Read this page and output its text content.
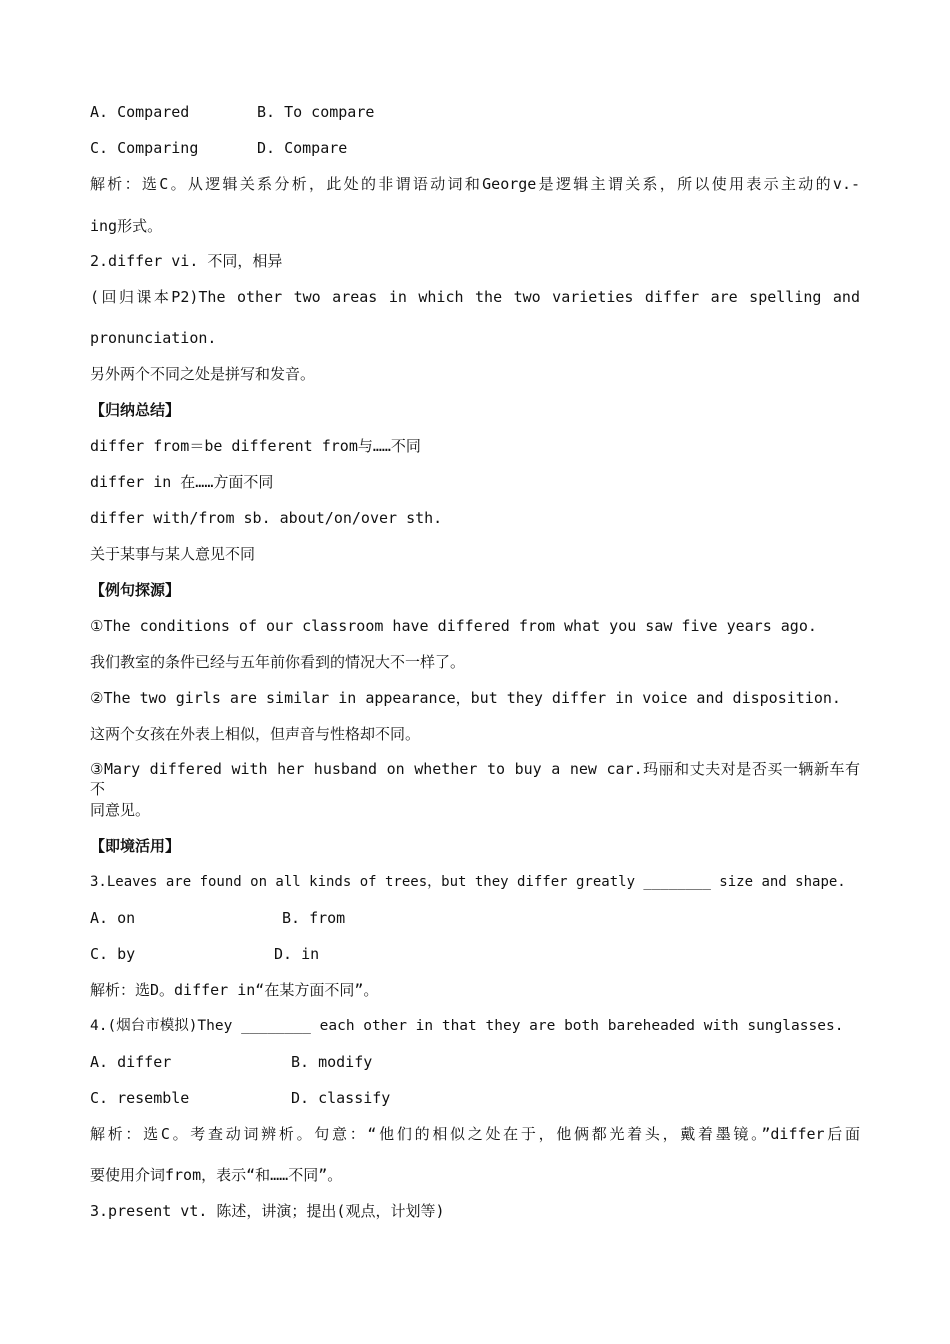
A. Compared	B. To compare
C. Comparing	D. Compare
解析：选C。从逻辑关系分析，此处的非谓语动词和George是逻辑主谓关系，所以使用表示主动的v.-
ing形式。
2.differ vi. 不同，相异
(回归课本P2)The other two areas in which the two varieties differ are spelling and
pronunciation.
另外两个不同之处是拼写和发音。
【归纳总结】
differ from＝be different from与……不同
differ in 在……方面不同
differ with/from sb. about/on/over sth.
关于某事与某人意见不同
【例句探源】
①The conditions of our classroom have differed from what you saw five years ago.
我们教室的条件已经与五年前你看到的情况大不一样了。
②The two girls are similar in appearance，but they differ in voice and disposition.
这两个女孩在外表上相似，但声音与性格却不同。
③Mary differed with her husband on whether to buy a new car.玛丽和丈夫对是否买一辆新车有不
同意见。
【即境活用】
3.Leaves are found on all kinds of trees，but they differ greatly ________ size and shape.
A. on	B. from
C. by	D. in
解析：选D。differ in“在某方面不同”。
4.(烟台市模拟)They ________ each other in that they are both bareheaded with sunglasses.
A. differ	B. modify
C. resemble	D. classify
解析：选C。考查动词辨析。句意：“他们的相似之处在于，他俩都光着头，戴着墨镜。”differ后面
要使用介词from，表示“和……不同”。
3.present vt. 陈述，讲演；提出(观点，计划等)
